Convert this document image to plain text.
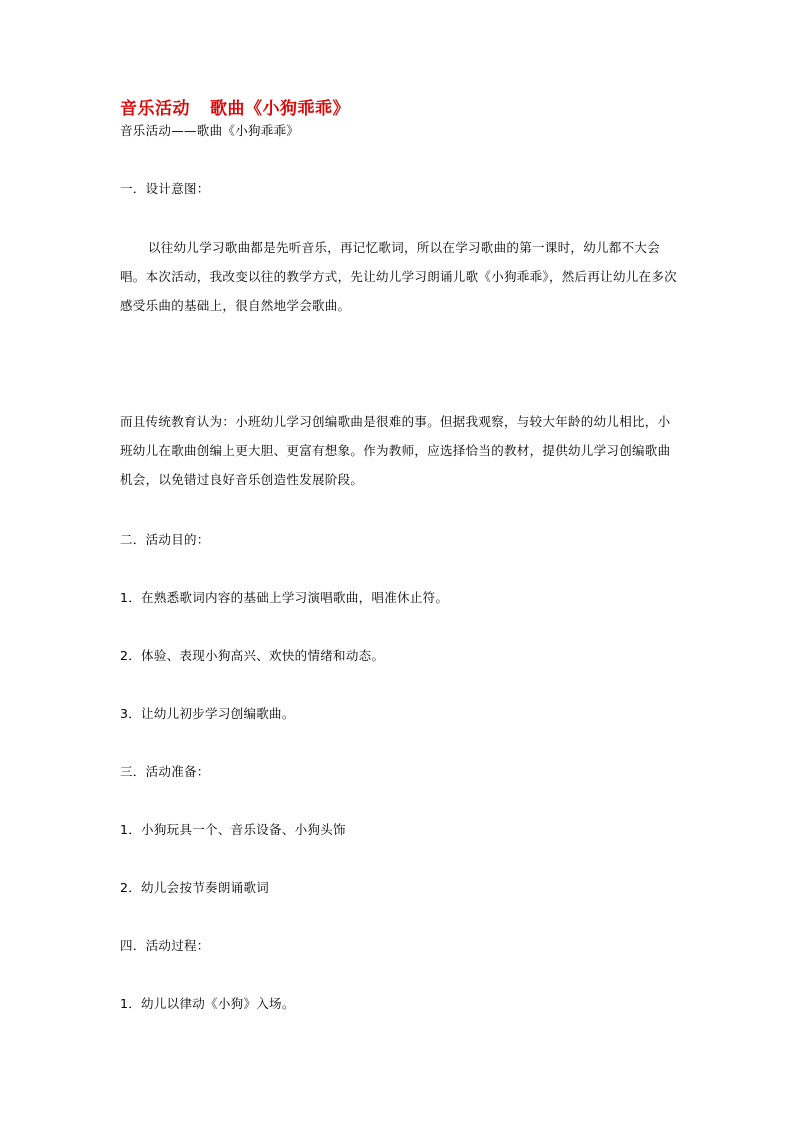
音乐活动 歌曲《小狗乖乖》
音乐活动——歌曲《小狗乖乖》
一．设计意图：
以往幼儿学习歌曲都是先听音乐，再记忆歌词，所以在学习歌曲的第一课时，幼儿都不大会唱。本次活动，我改变以往的教学方式，先让幼儿学习朗诵儿歌《小狗乖乖》，然后再让幼儿在多次感受乐曲的基础上，很自然地学会歌曲。
而且传统教育认为：小班幼儿学习创编歌曲是很难的事。但据我观察，与较大年龄的幼儿相比，小班幼儿在歌曲创编上更大胆、更富有想象。作为教师，应选择恰当的教材，提供幼儿学习创编歌曲机会，以免错过良好音乐创造性发展阶段。
二．活动目的：
1．在熟悉歌词内容的基础上学习演唱歌曲，唱准休止符。
2．体验、表现小狗高兴、欢快的情绪和动态。
3．让幼儿初步学习创编歌曲。
三．活动准备：
1．小狗玩具一个、音乐设备、小狗头饰
2．幼儿会按节奏朗诵歌词
四．活动过程：
1．幼儿以律动《小狗》入场。
